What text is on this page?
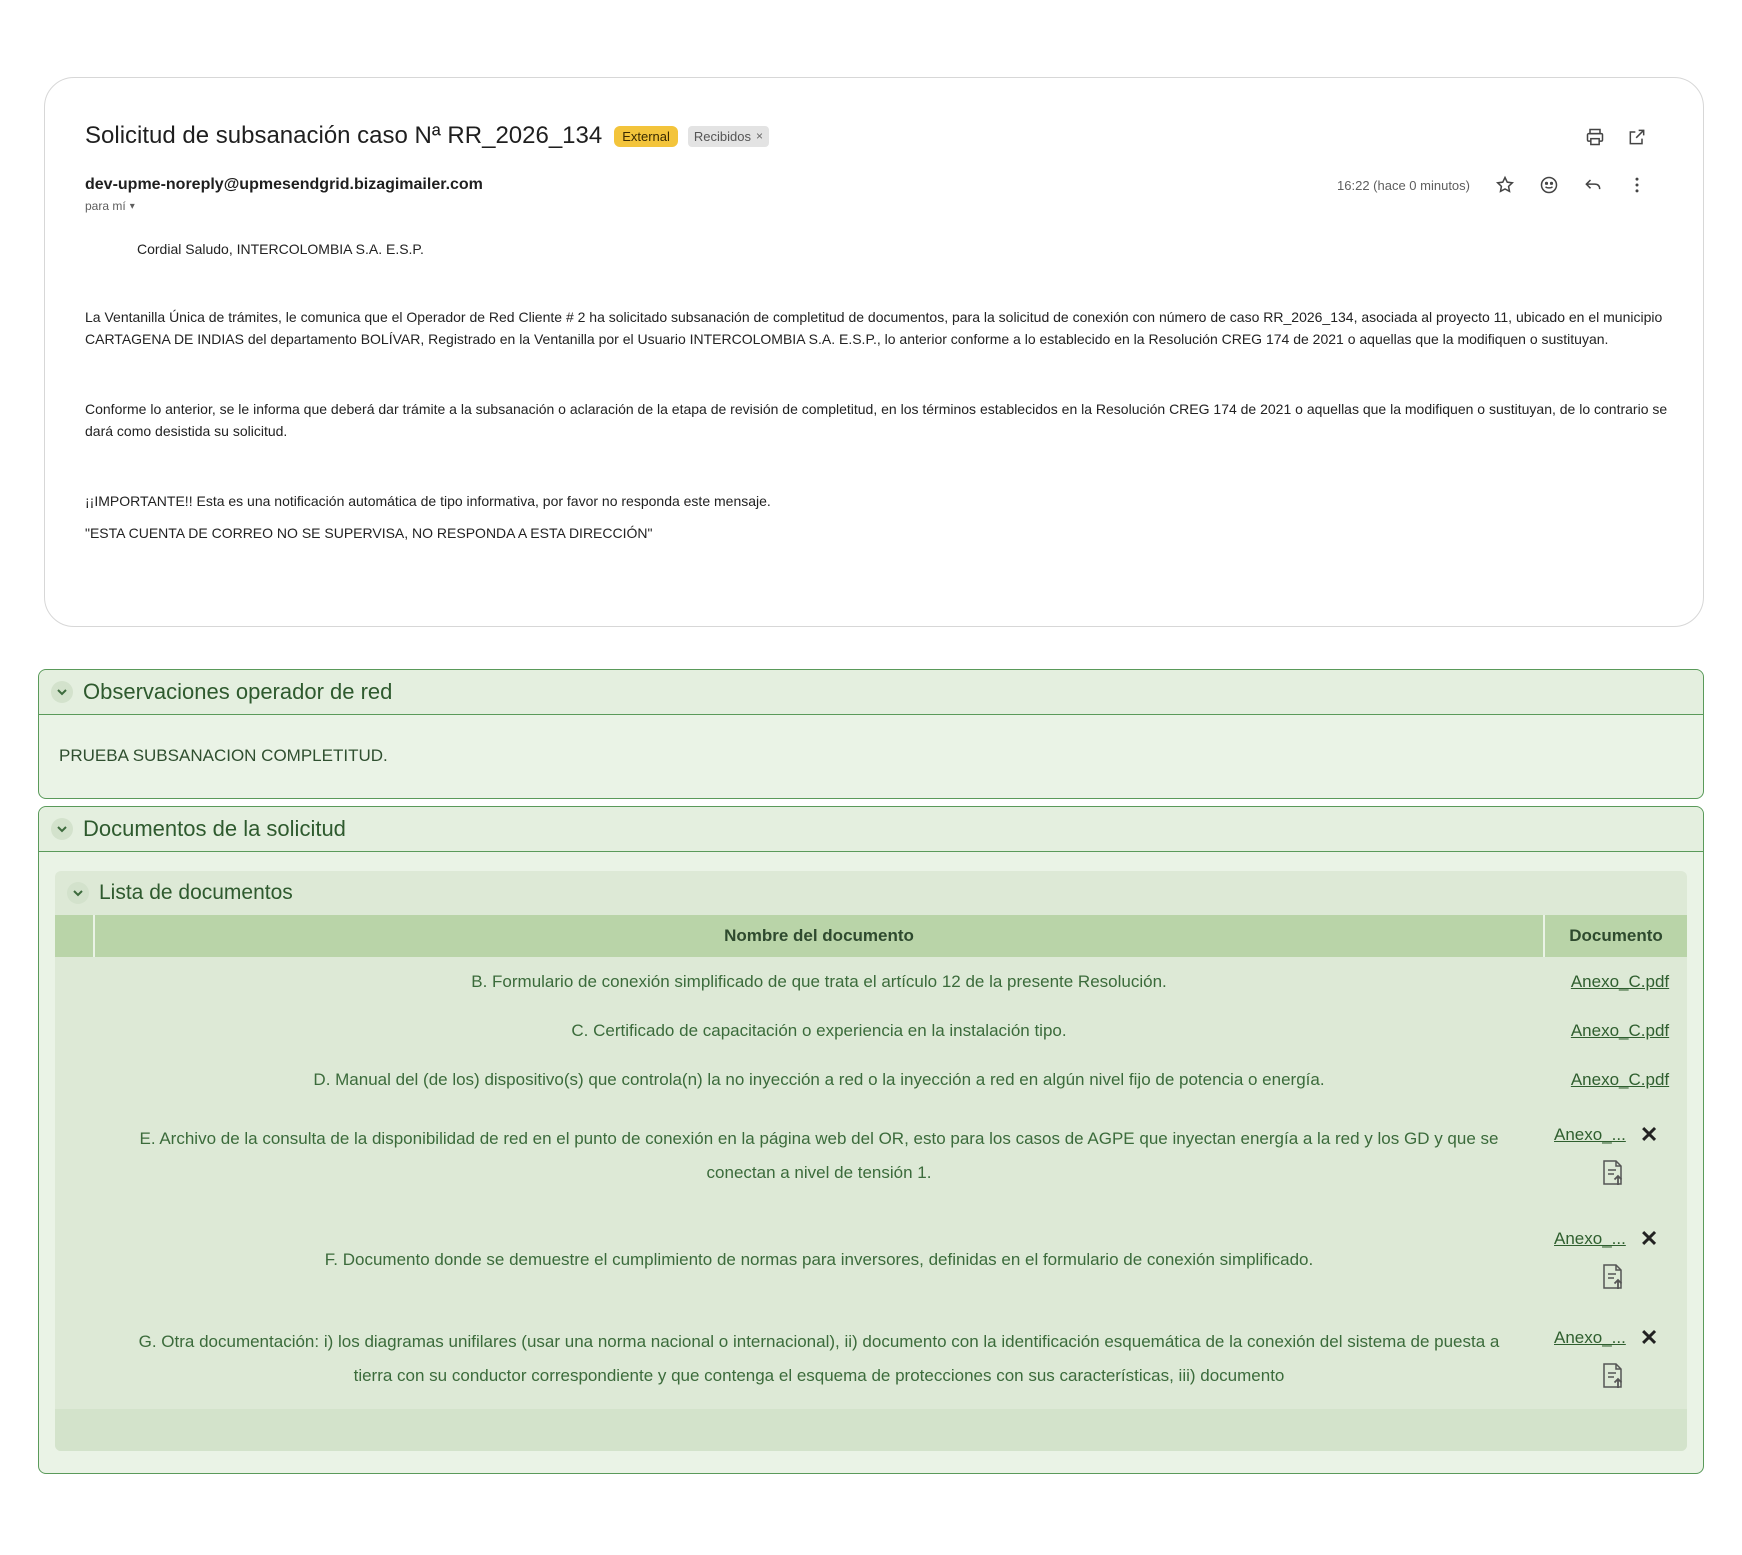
Solicitud de subsanación caso Nª RR_2026_134	External	Recibidos ×
dev-upme-noreply@upmesendgrid.bizagimailer.com
para mí ▾
16:22 (hace 0 minutos)
Cordial Saludo, INTERCOLOMBIA S.A. E.S.P.
La Ventanilla Única de trámites, le comunica que el Operador de Red Cliente # 2 ha solicitado subsanación de completitud de documentos, para la solicitud de conexión con número de caso RR_2026_134, asociada al proyecto 11, ubicado en el municipio CARTAGENA DE INDIAS del departamento BOLÍVAR, Registrado en la Ventanilla por el Usuario INTERCOLOMBIA S.A. E.S.P., lo anterior conforme a lo establecido en la Resolución CREG 174 de 2021 o aquellas que la modifiquen o sustituyan.
Conforme lo anterior, se le informa que deberá dar trámite a la subsanación o aclaración de la etapa de revisión de completitud, en los términos establecidos en la Resolución CREG 174 de 2021 o aquellas que la modifiquen o sustituyan, de lo contrario se dará como desistida su solicitud.
¡¡IMPORTANTE!! Esta es una notificación automática de tipo informativa, por favor no responda este mensaje.
"ESTA CUENTA DE CORREO NO SE SUPERVISA, NO RESPONDA A ESTA DIRECCIÓN"
Observaciones operador de red
PRUEBA SUBSANACION COMPLETITUD.
Documentos de la solicitud
Lista de documentos
	Nombre del documento	Documento
	B. Formulario de conexión simplificado de que trata el artículo 12 de la presente Resolución.	Anexo_C.pdf
	C. Certificado de capacitación o experiencia en la instalación tipo.	Anexo_C.pdf
	D. Manual del (de los) dispositivo(s) que controla(n) la no inyección a red o la inyección a red en algún nivel fijo de potencia o energía.	Anexo_C.pdf
	E. Archivo de la consulta de la disponibilidad de red en el punto de conexión en la página web del OR, esto para los casos de AGPE que inyectan energía a la red y los GD y que se conectan a nivel de tensión 1.	Anexo_... ✕

	F. Documento donde se demuestre el cumplimiento de normas para inversores, definidas en el formulario de conexión simplificado.	Anexo_... ✕

	G. Otra documentación: i) los diagramas unifilares (usar una norma nacional o internacional), ii) documento con la identificación esquemática de la conexión del sistema de puesta a tierra con su conductor correspondiente y que contenga el esquema de protecciones con sus características, iii) documento	Anexo_... ✕
